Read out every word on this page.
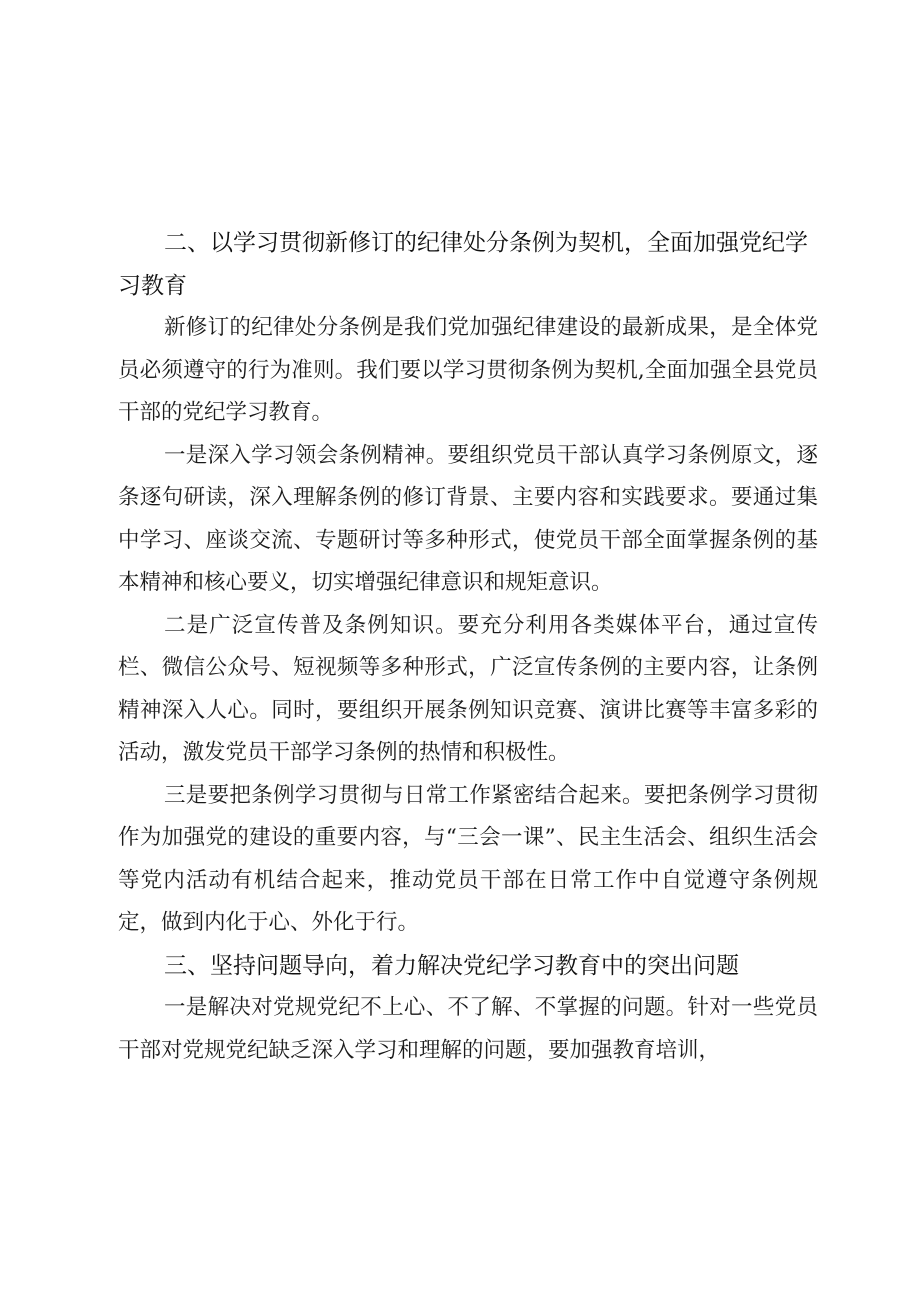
二、以学习贯彻新修订的纪律处分条例为契机，全面加强党纪学习教育
新修订的纪律处分条例是我们党加强纪律建设的最新成果，是全体党员必须遵守的行为准则。我们要以学习贯彻条例为契机,全面加强全县党员干部的党纪学习教育。
一是深入学习领会条例精神。要组织党员干部认真学习条例原文，逐条逐句研读，深入理解条例的修订背景、主要内容和实践要求。要通过集中学习、座谈交流、专题研讨等多种形式，使党员干部全面掌握条例的基本精神和核心要义，切实增强纪律意识和规矩意识。
二是广泛宣传普及条例知识。要充分利用各类媒体平台，通过宣传栏、微信公众号、短视频等多种形式，广泛宣传条例的主要内容，让条例精神深入人心。同时，要组织开展条例知识竞赛、演讲比赛等丰富多彩的活动，激发党员干部学习条例的热情和积极性。
三是要把条例学习贯彻与日常工作紧密结合起来。要把条例学习贯彻作为加强党的建设的重要内容，与“三会一课”、民主生活会、组织生活会等党内活动有机结合起来，推动党员干部在日常工作中自觉遵守条例规定，做到内化于心、外化于行。
三、坚持问题导向，着力解决党纪学习教育中的突出问题
一是解决对党规党纪不上心、不了解、不掌握的问题。针对一些党员干部对党规党纪缺乏深入学习和理解的问题，要加强教育培训，
